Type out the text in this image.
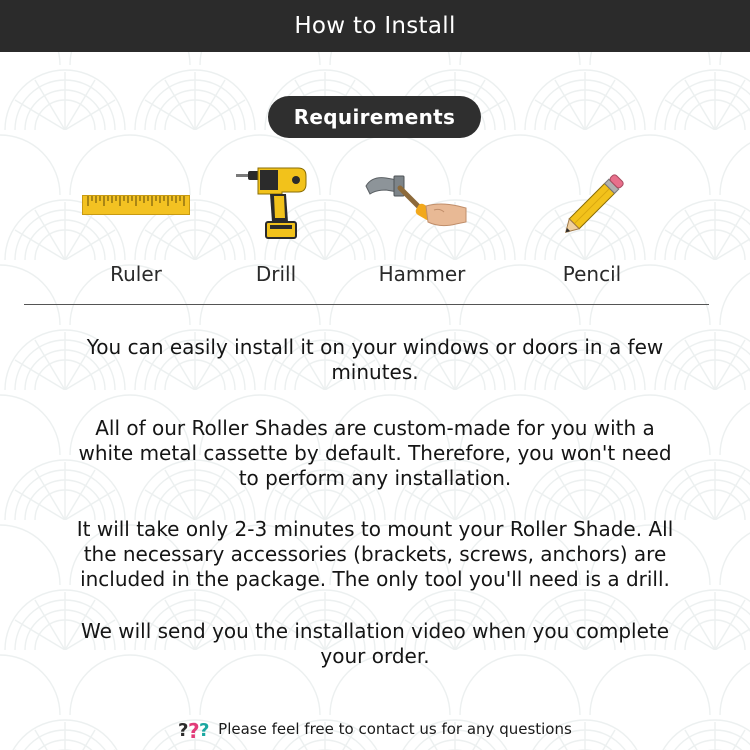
How to Install
Requirements
Ruler	Drill	Hammer	Pencil

You can easily install it on your windows or doors in a few minutes.

All of our Roller Shades are custom-made for you with a white metal cassette by default. Therefore, you won't need to perform any installation.

It will take only 2-3 minutes to mount your Roller Shade. All the necessary accessories (brackets, screws, anchors) are included in the package. The only tool you'll need is a drill.

We will send you the installation video when you complete your order.

? ? ? Please feel free to contact us for any questions
